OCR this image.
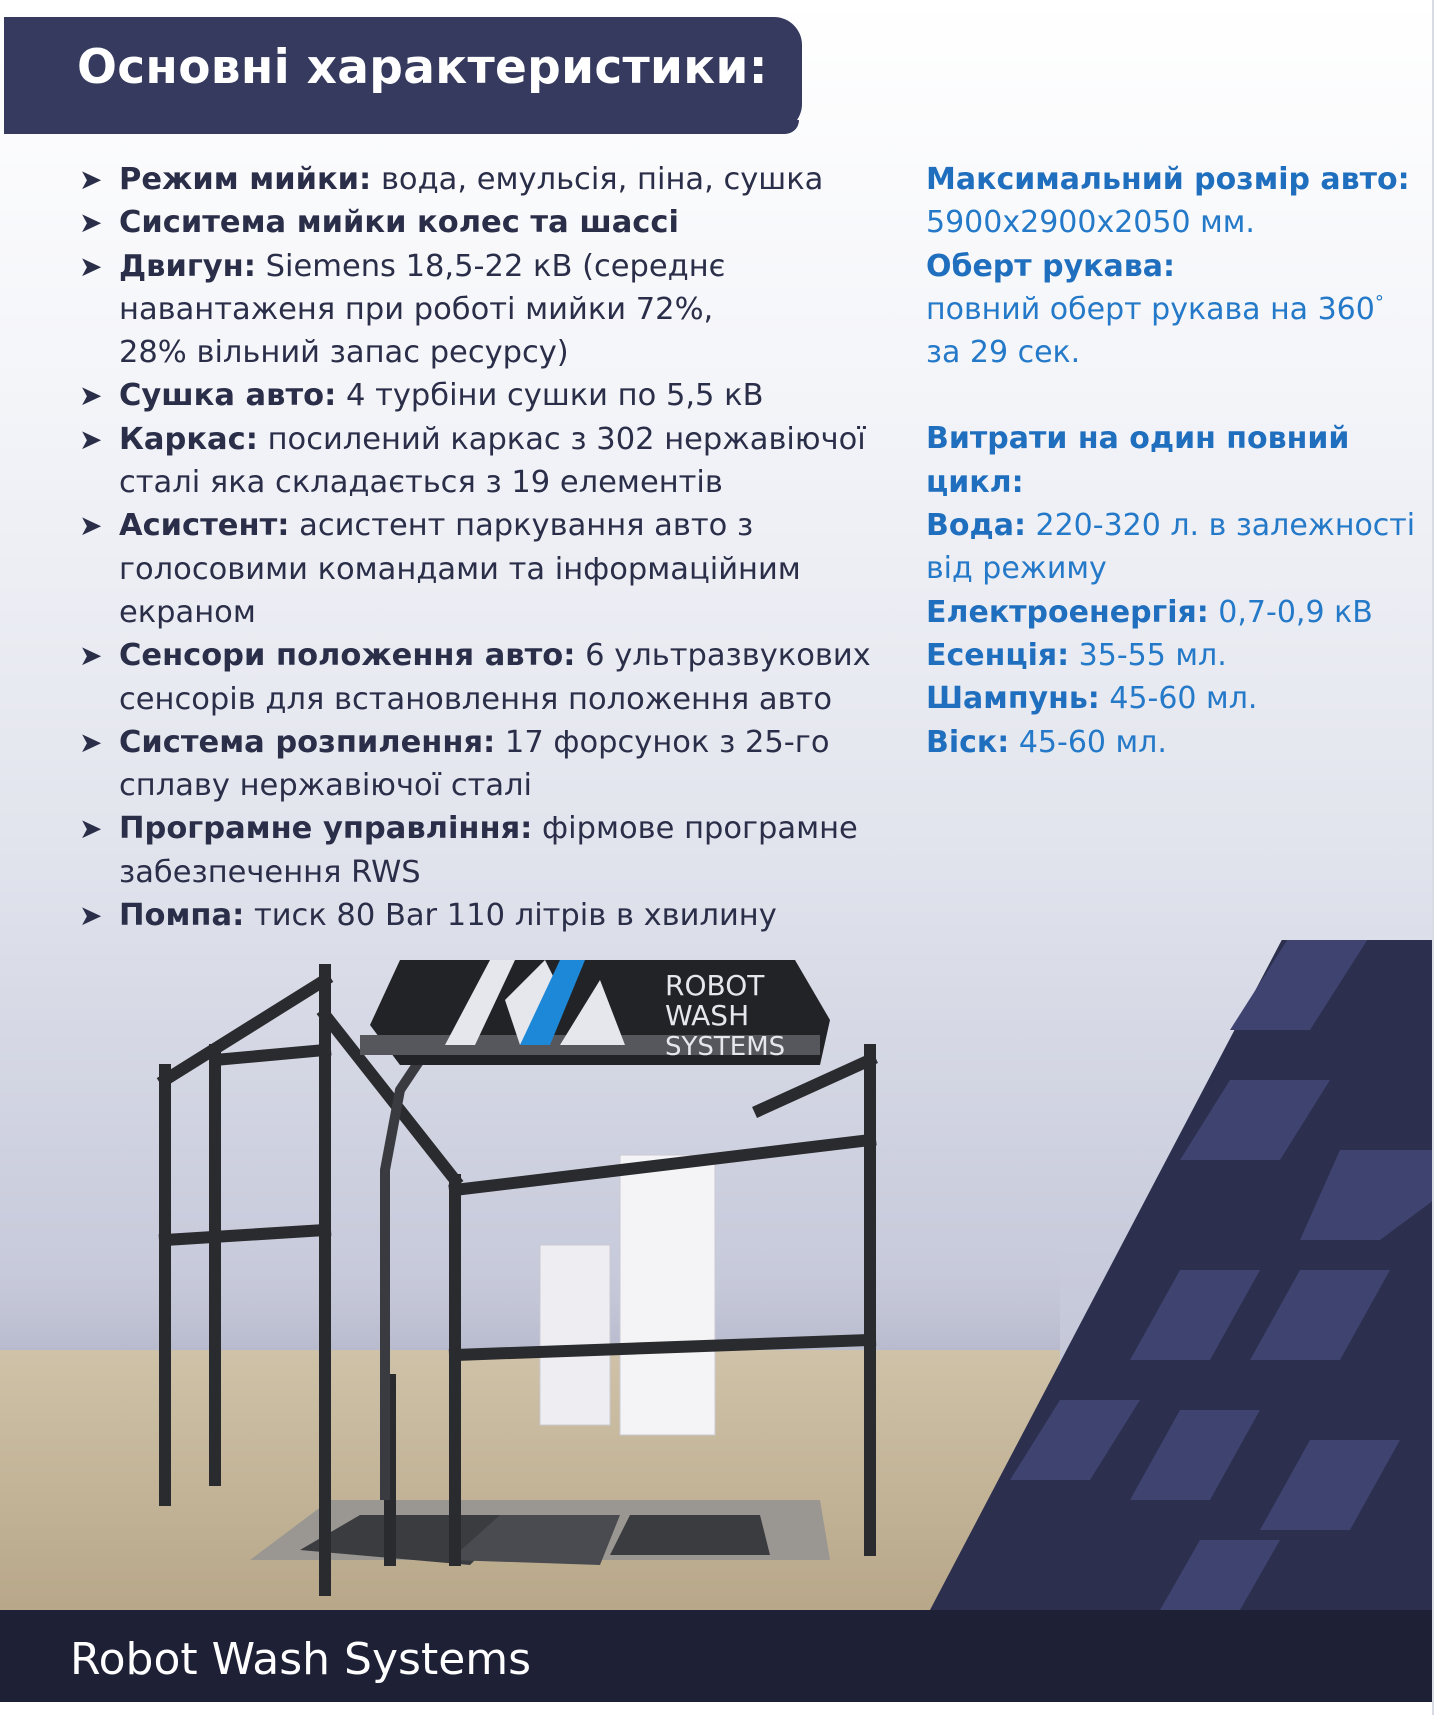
Основні характеристики:
➤ Режим мийки: вода, емульсія, піна, сушка
➤ Сиситема мийки колес та шассі
➤ Двигун: Siemens 18,5-22 кВ (середнє
навантаженя при роботі мийки 72%,
28% вільний запас ресурсу)
➤ Сушка авто: 4 турбіни сушки по 5,5 кВ
➤ Каркас: посилений каркас з 302 нержавіючої
сталі яка складається з 19 елементів
➤ Асистент: асистент паркування авто з
голосовими командами та інформаційним
екраном
➤ Сенсори положення авто: 6 ультразвукових
сенсорів для встановлення положення авто
➤ Система розпилення: 17 форсунок з 25-го
сплаву нержавіючої сталі
➤ Програмне управління: фірмове програмне
забезпечення RWS
➤ Помпа: тиск 80 Bar 110 літрів в хвилину

Максимальний розмір авто:

5900х2900х2050 мм.

Оберт рукава:

повний оберт рукава на 360°

за 29 сек.

Витрати на один повний цикл:

Вода: 220-320 л. в залежності
від режиму

Електроенергія: 0,7-0,9 кВ

Есенція: 35-55 мл.

Шампунь: 45-60 мл.

Віск: 45-60 мл.

ROBOT
WASH
SYSTEMS

Robot Wash Systems
